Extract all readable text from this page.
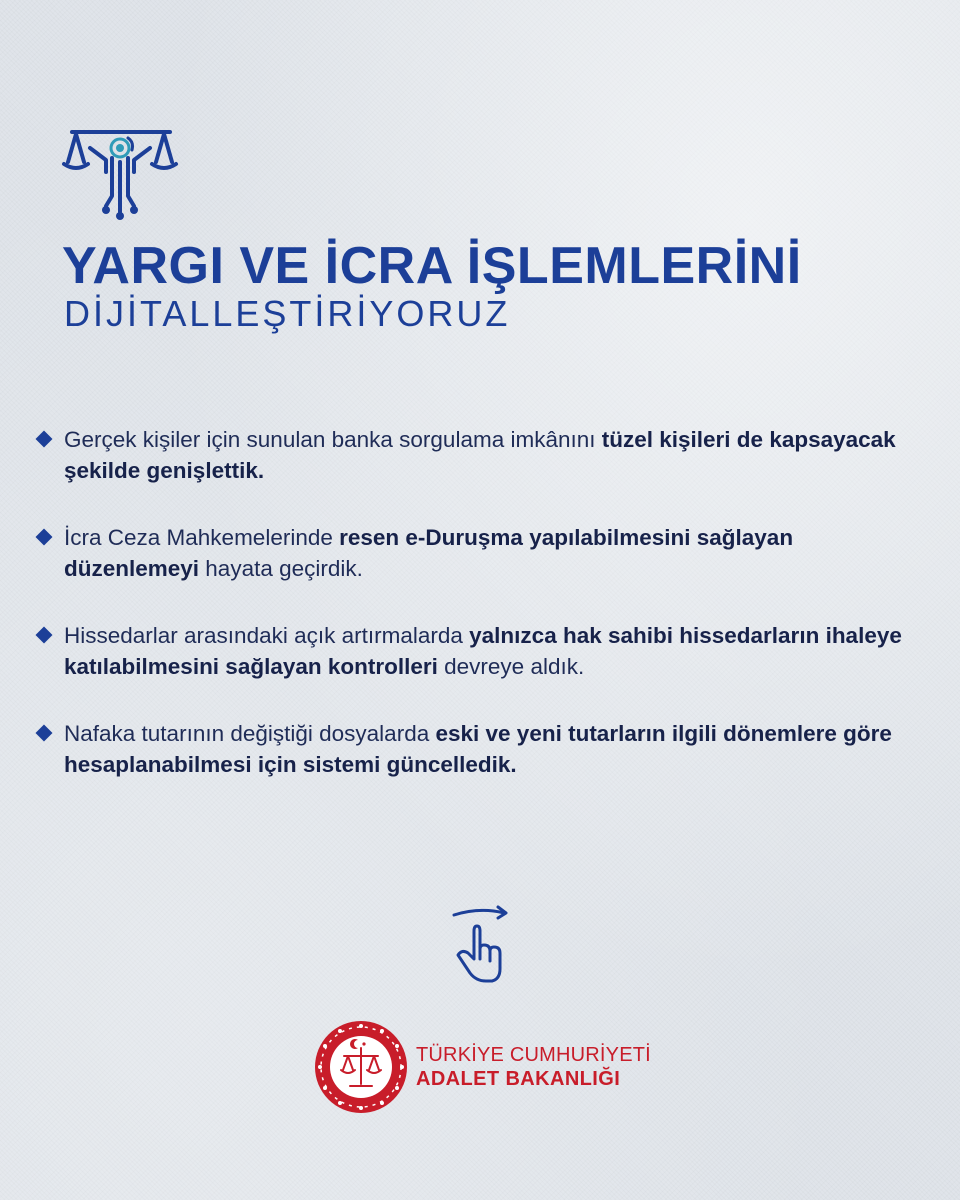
YARGI VE İCRA İŞLEMLERİNİ
DİJİTALLEŞTİRİYORUZ

Gerçek kişiler için sunulan banka sorgulama imkânını tüzel kişileri de kapsayacak şekilde genişlettik.

İcra Ceza Mahkemelerinde resen e-Duruşma yapılabilmesini sağlayan düzenlemeyi hayata geçirdik.

Hissedarlar arasındaki açık artırmalarda yalnızca hak sahibi hissedarların ihaleye katılabilmesini sağlayan kontrolleri devreye aldık.

Nafaka tutarının değiştiği dosyalarda eski ve yeni tutarların ilgili dönemlere göre hesaplanabilmesi için sistemi güncelledik.

TÜRKİYE CUMHURİYETİ

ADALET BAKANLIĞI
